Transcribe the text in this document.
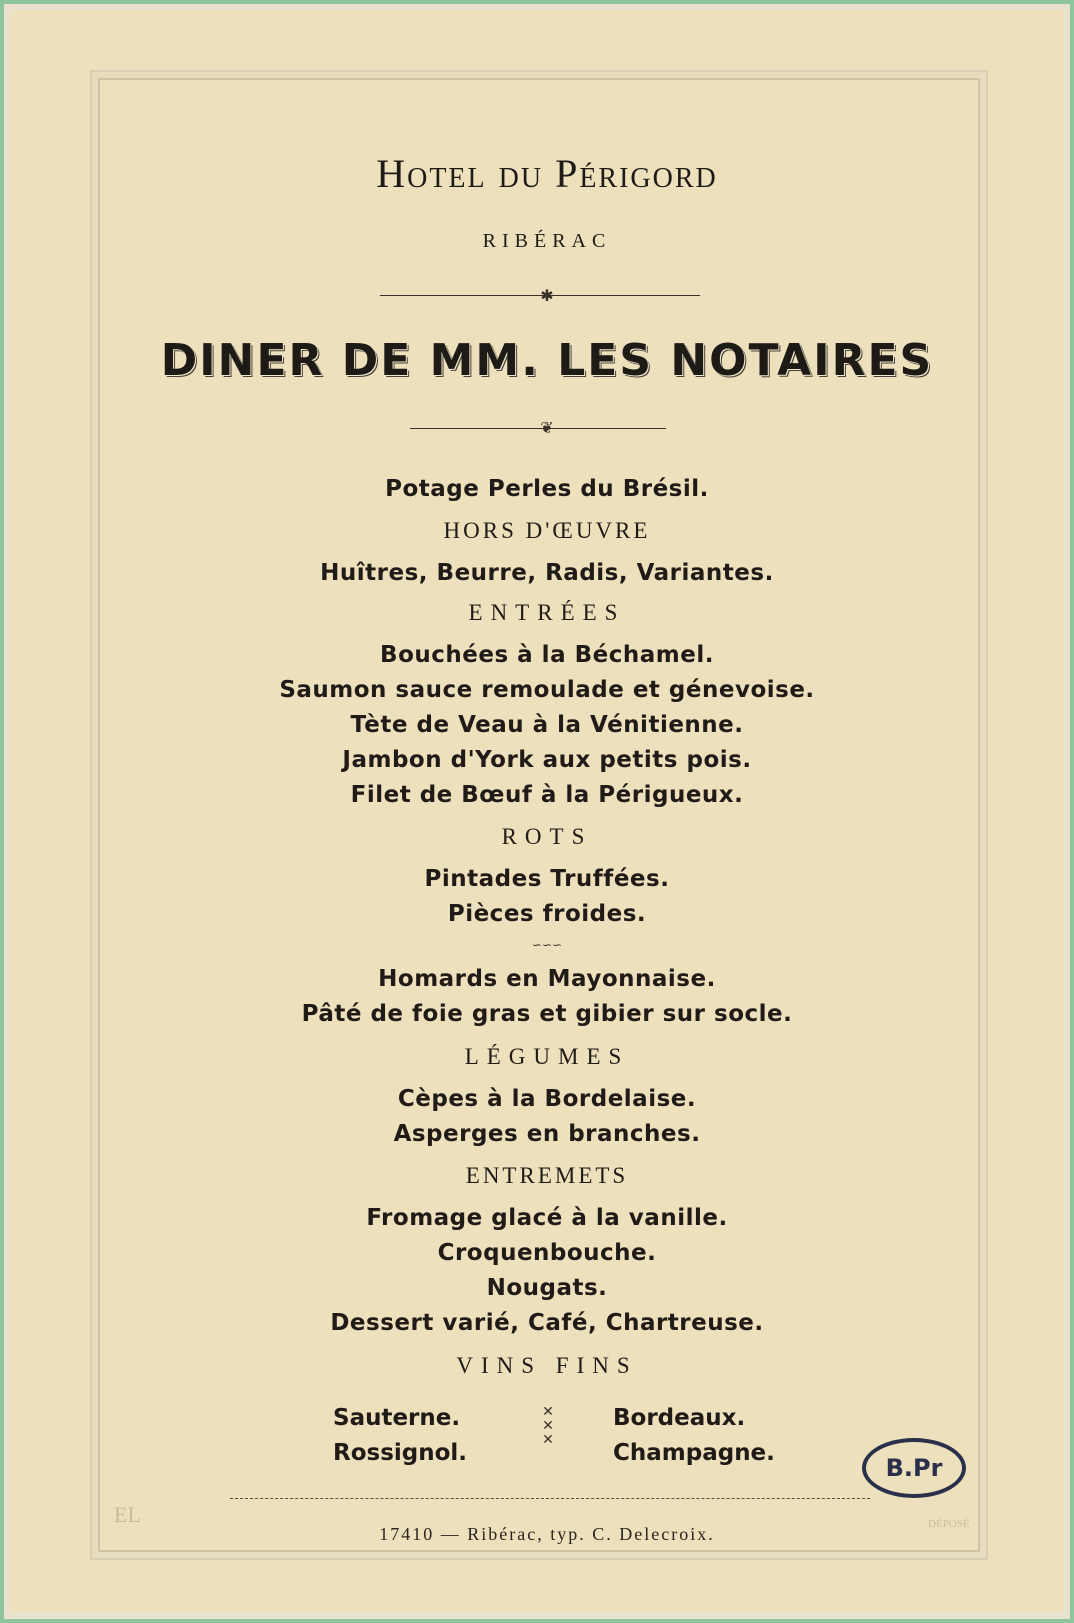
Hotel du Périgord
RIBÉRAC
✱
DINER DE MM. LES NOTAIRES
❦
Potage Perles du Brésil.
HORS D'ŒUVRE
Huîtres, Beurre, Radis, Variantes.
ENTRÉES
Bouchées à la Béchamel.
Saumon sauce remoulade et génevoise.
Tète de Veau à la Vénitienne.
Jambon d'York aux petits pois.
Filet de Bœuf à la Périgueux.
ROTS
Pintades Truffées.
Pièces froides.
∽∽∽
Homards en Mayonnaise.
Pâté de foie gras et gibier sur socle.
LÉGUMES
Cèpes à la Bordelaise.
Asperges en branches.
ENTREMETS
Fromage glacé à la vanille.
Croquenbouche.
Nougats.
Dessert varié, Café, Chartreuse.
VINS FINS
Sauterne.
Rossignol.
✕
✕
✕
Bordeaux.
Champagne.
B.Pr
EL	DÉPOSÉ
17410 — Ribérac, typ. C. Delecroix.
